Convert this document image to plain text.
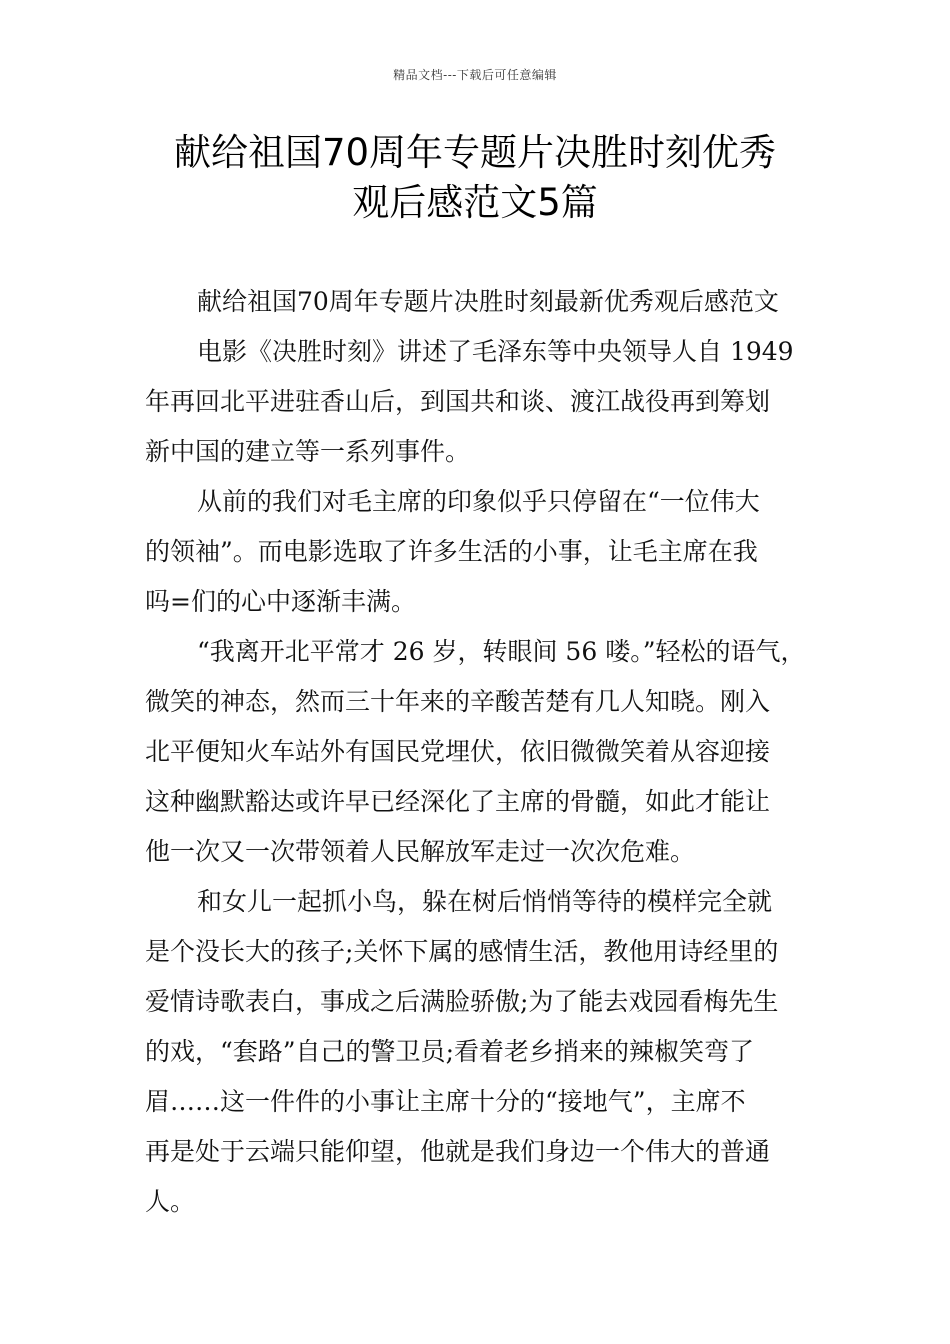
精品文档---下载后可任意编辑
献给祖国70周年专题片决胜时刻优秀
观后感范文5篇
献给祖国70周年专题片决胜时刻最新优秀观后感范文
电影《决胜时刻》讲述了毛泽东等中央领导人自 1949
年再回北平进驻香山后，到国共和谈、渡江战役再到筹划
新中国的建立等一系列事件。
从前的我们对毛主席的印象似乎只停留在“一位伟大
的领袖”。而电影选取了许多生活的小事，让毛主席在我
吗=们的心中逐渐丰满。
“我离开北平常才 26 岁，转眼间 56 喽。”轻松的语气，
微笑的神态，然而三十年来的辛酸苦楚有几人知晓。刚入
北平便知火车站外有国民党埋伏，依旧微微笑着从容迎接
这种幽默豁达或许早已经深化了主席的骨髓，如此才能让
他一次又一次带领着人民解放军走过一次次危难。
和女儿一起抓小鸟，躲在树后悄悄等待的模样完全就
是个没长大的孩子;关怀下属的感情生活，教他用诗经里的
爱情诗歌表白，事成之后满脸骄傲;为了能去戏园看梅先生
的戏，“套路”自己的警卫员;看着老乡捎来的辣椒笑弯了
眉……这一件件的小事让主席十分的“接地气”，主席不
再是处于云端只能仰望，他就是我们身边一个伟大的普通
人。
